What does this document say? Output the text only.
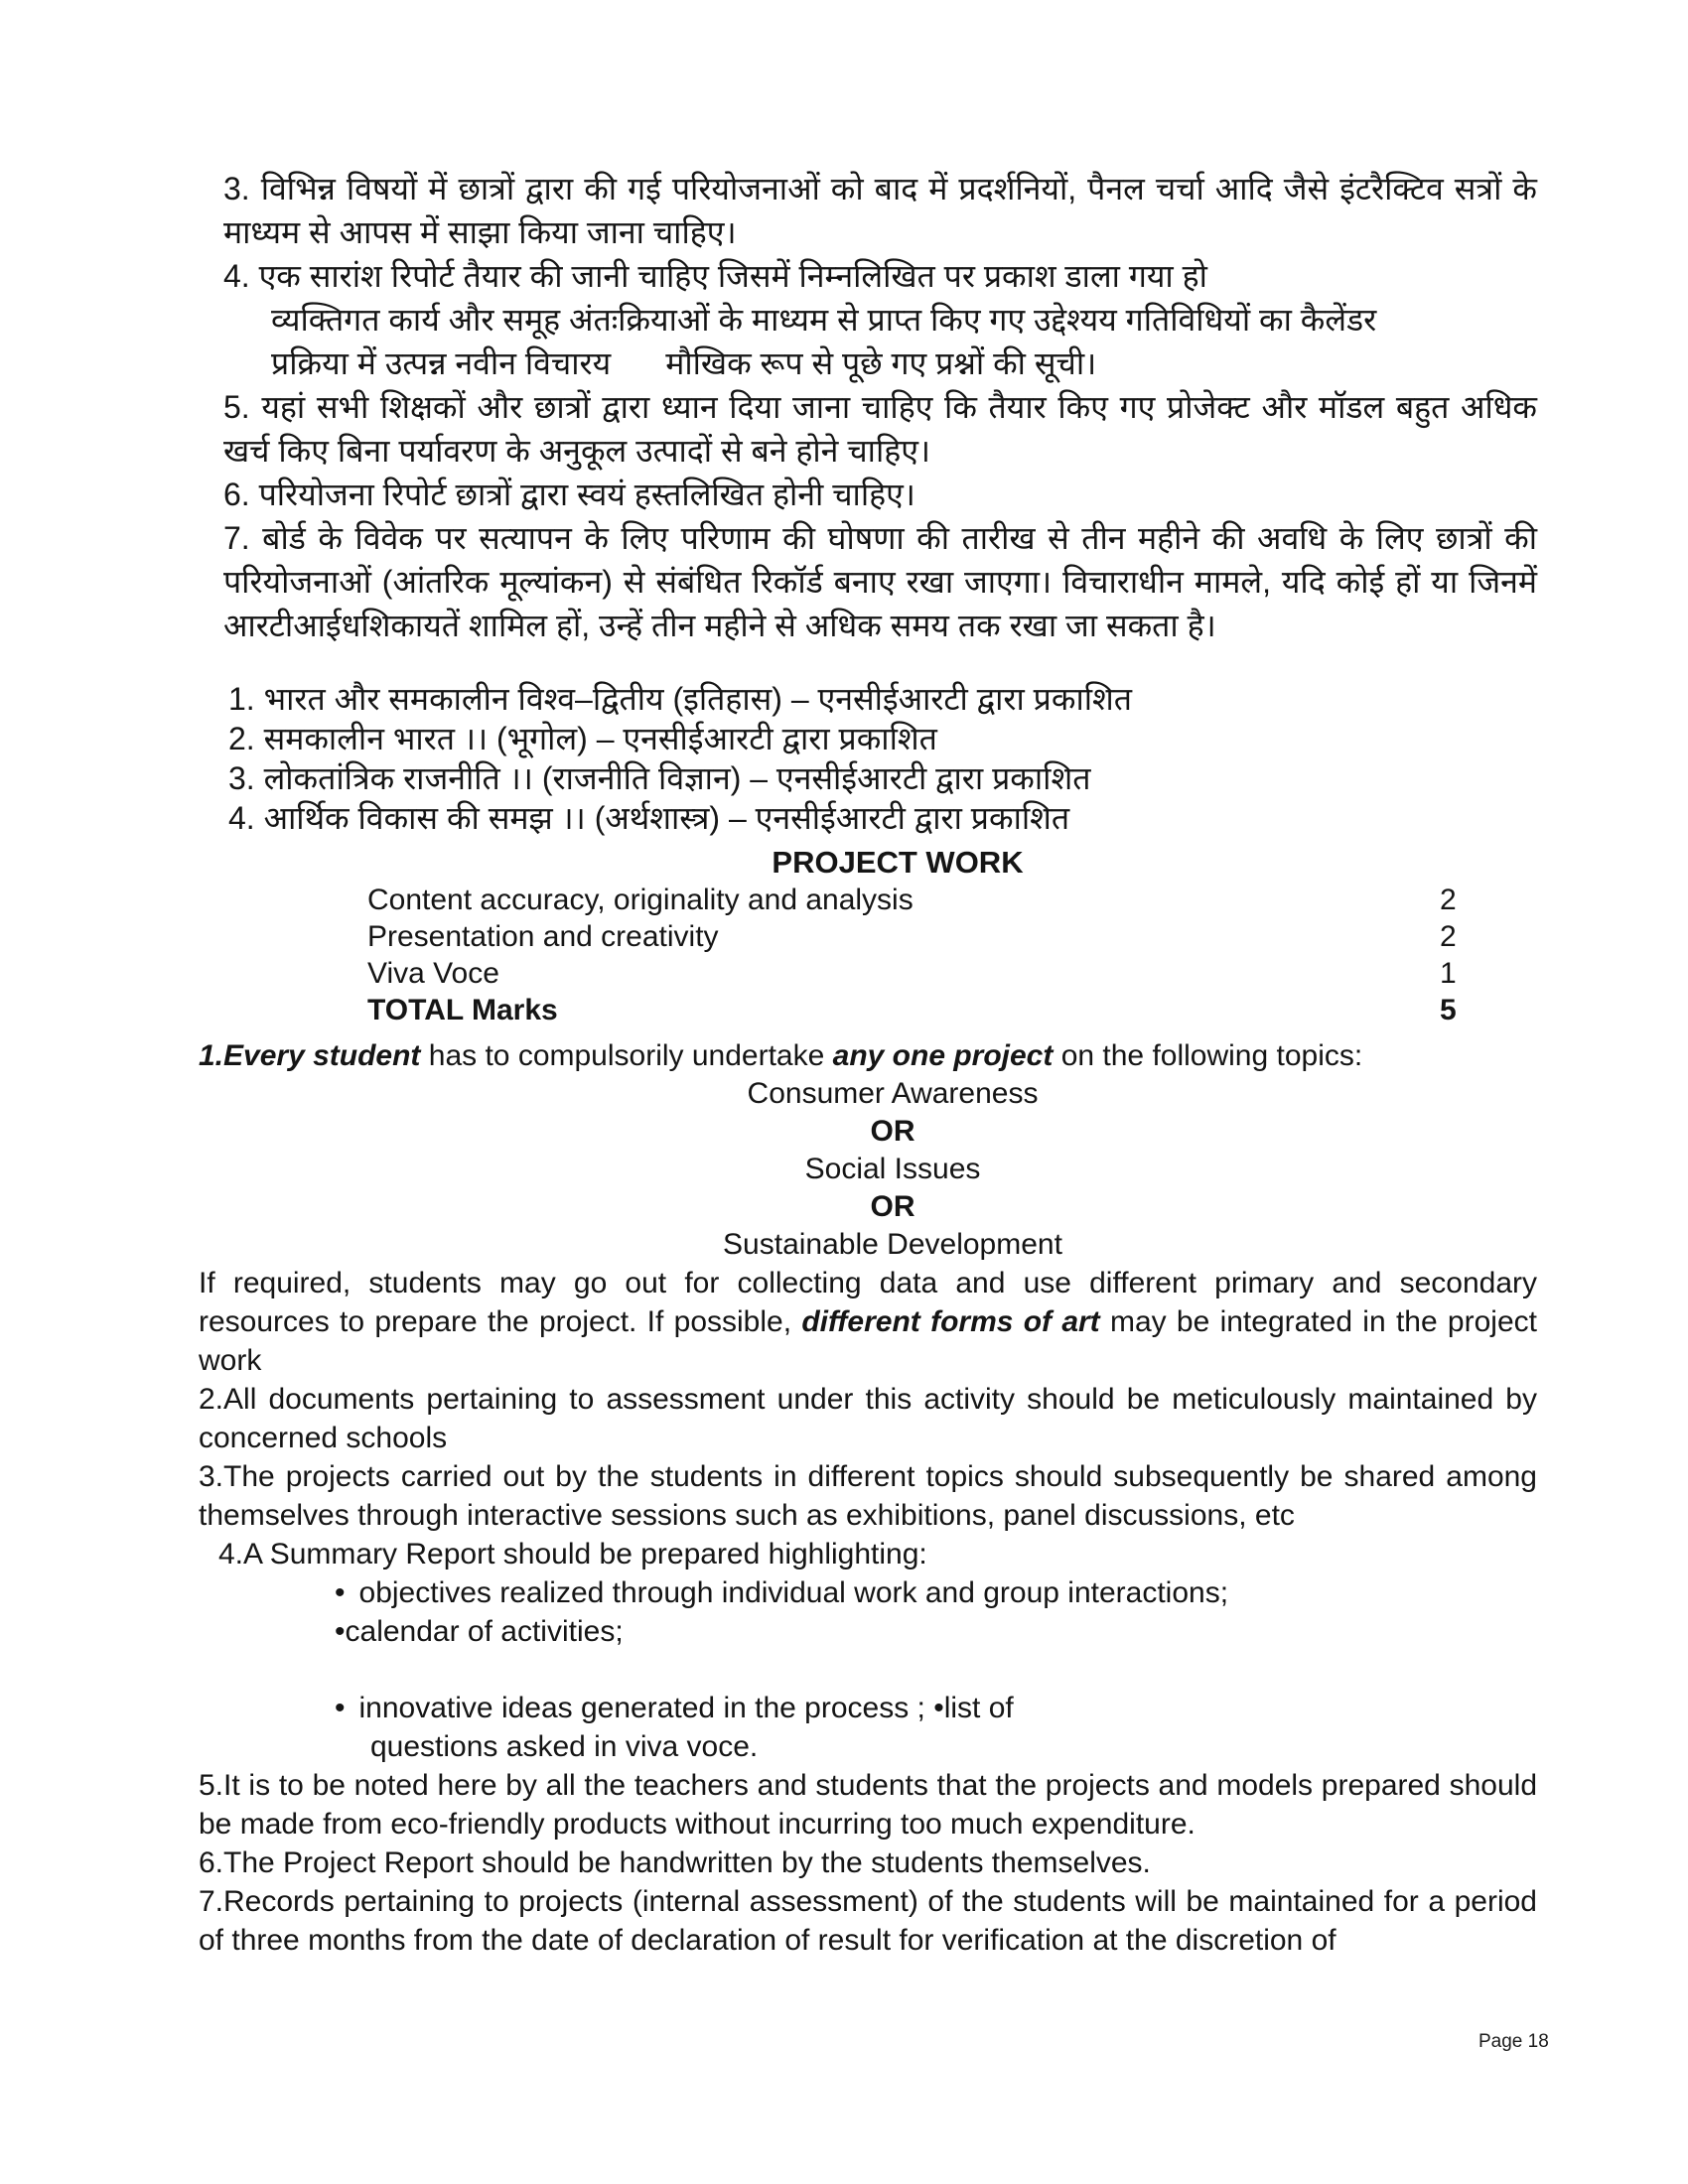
3. विभिन्न विषयों में छात्रों द्वारा की गई परियोजनाओं को बाद में प्रदर्शनियों, पैनल चर्चा आदि जैसे इंटरैक्टिव सत्रों के माध्यम से आपस में साझा किया जाना चाहिए।
4. एक सारांश रिपोर्ट तैयार की जानी चाहिए जिसमें निम्नलिखित पर प्रकाश डाला गया हो
व्यक्तिगत कार्य और समूह अंतःक्रियाओं के माध्यम से प्राप्त किए गए उद्देश्यय गतिविधियों का कैलेंडर
प्रक्रिया में उत्पन्न नवीन विचारय मौखिक रूप से पूछे गए प्रश्नों की सूची।
5. यहां सभी शिक्षकों और छात्रों द्वारा ध्यान दिया जाना चाहिए कि तैयार किए गए प्रोजेक्ट और मॉडल बहुत अधिक खर्च किए बिना पर्यावरण के अनुकूल उत्पादों से बने होने चाहिए।
6. परियोजना रिपोर्ट छात्रों द्वारा स्वयं हस्तलिखित होनी चाहिए।
7. बोर्ड के विवेक पर सत्यापन के लिए परिणाम की घोषणा की तारीख से तीन महीने की अवधि के लिए छात्रों की परियोजनाओं (आंतरिक मूल्यांकन) से संबंधित रिकॉर्ड बनाए रखा जाएगा। विचाराधीन मामले, यदि कोई हों या जिनमें आरटीआईधशिकायतें शामिल हों, उन्हें तीन महीने से अधिक समय तक रखा जा सकता है।
1. भारत और समकालीन विश्व–द्वितीय (इतिहास) – एनसीईआरटी द्वारा प्रकाशित
2. समकालीन भारत ।। (भूगोल) – एनसीईआरटी द्वारा प्रकाशित
3. लोकतांत्रिक राजनीति ।। (राजनीति विज्ञान) – एनसीईआरटी द्वारा प्रकाशित
4. आर्थिक विकास की समझ ।। (अर्थशास्त्र) – एनसीईआरटी द्वारा प्रकाशित
PROJECT WORK
Content accuracy, originality and analysis	2
Presentation and creativity	2
Viva Voce	1
TOTAL Marks	5
1.Every student has to compulsorily undertake any one project on the following topics:
Consumer Awareness
OR
Social Issues
OR
Sustainable Development
If required, students may go out for collecting data and use different primary and secondary resources to prepare the project. If possible, different forms of art may be integrated in the project work
2.All documents pertaining to assessment under this activity should be meticulously maintained by concerned schools
3.The projects carried out by the students in different topics should subsequently be shared among themselves through interactive sessions such as exhibitions, panel discussions, etc
4.A Summary Report should be prepared highlighting:
• objectives realized through individual work and group interactions;
•calendar of activities;
• innovative ideas generated in the process ; •list of
questions asked in viva voce.
5.It is to be noted here by all the teachers and students that the projects and models prepared should be made from eco-friendly products without incurring too much expenditure.
6.The Project Report should be handwritten by the students themselves.
7.Records pertaining to projects (internal assessment) of the students will be maintained for a period of three months from the date of declaration of result for verification at the discretion of
Page 18
